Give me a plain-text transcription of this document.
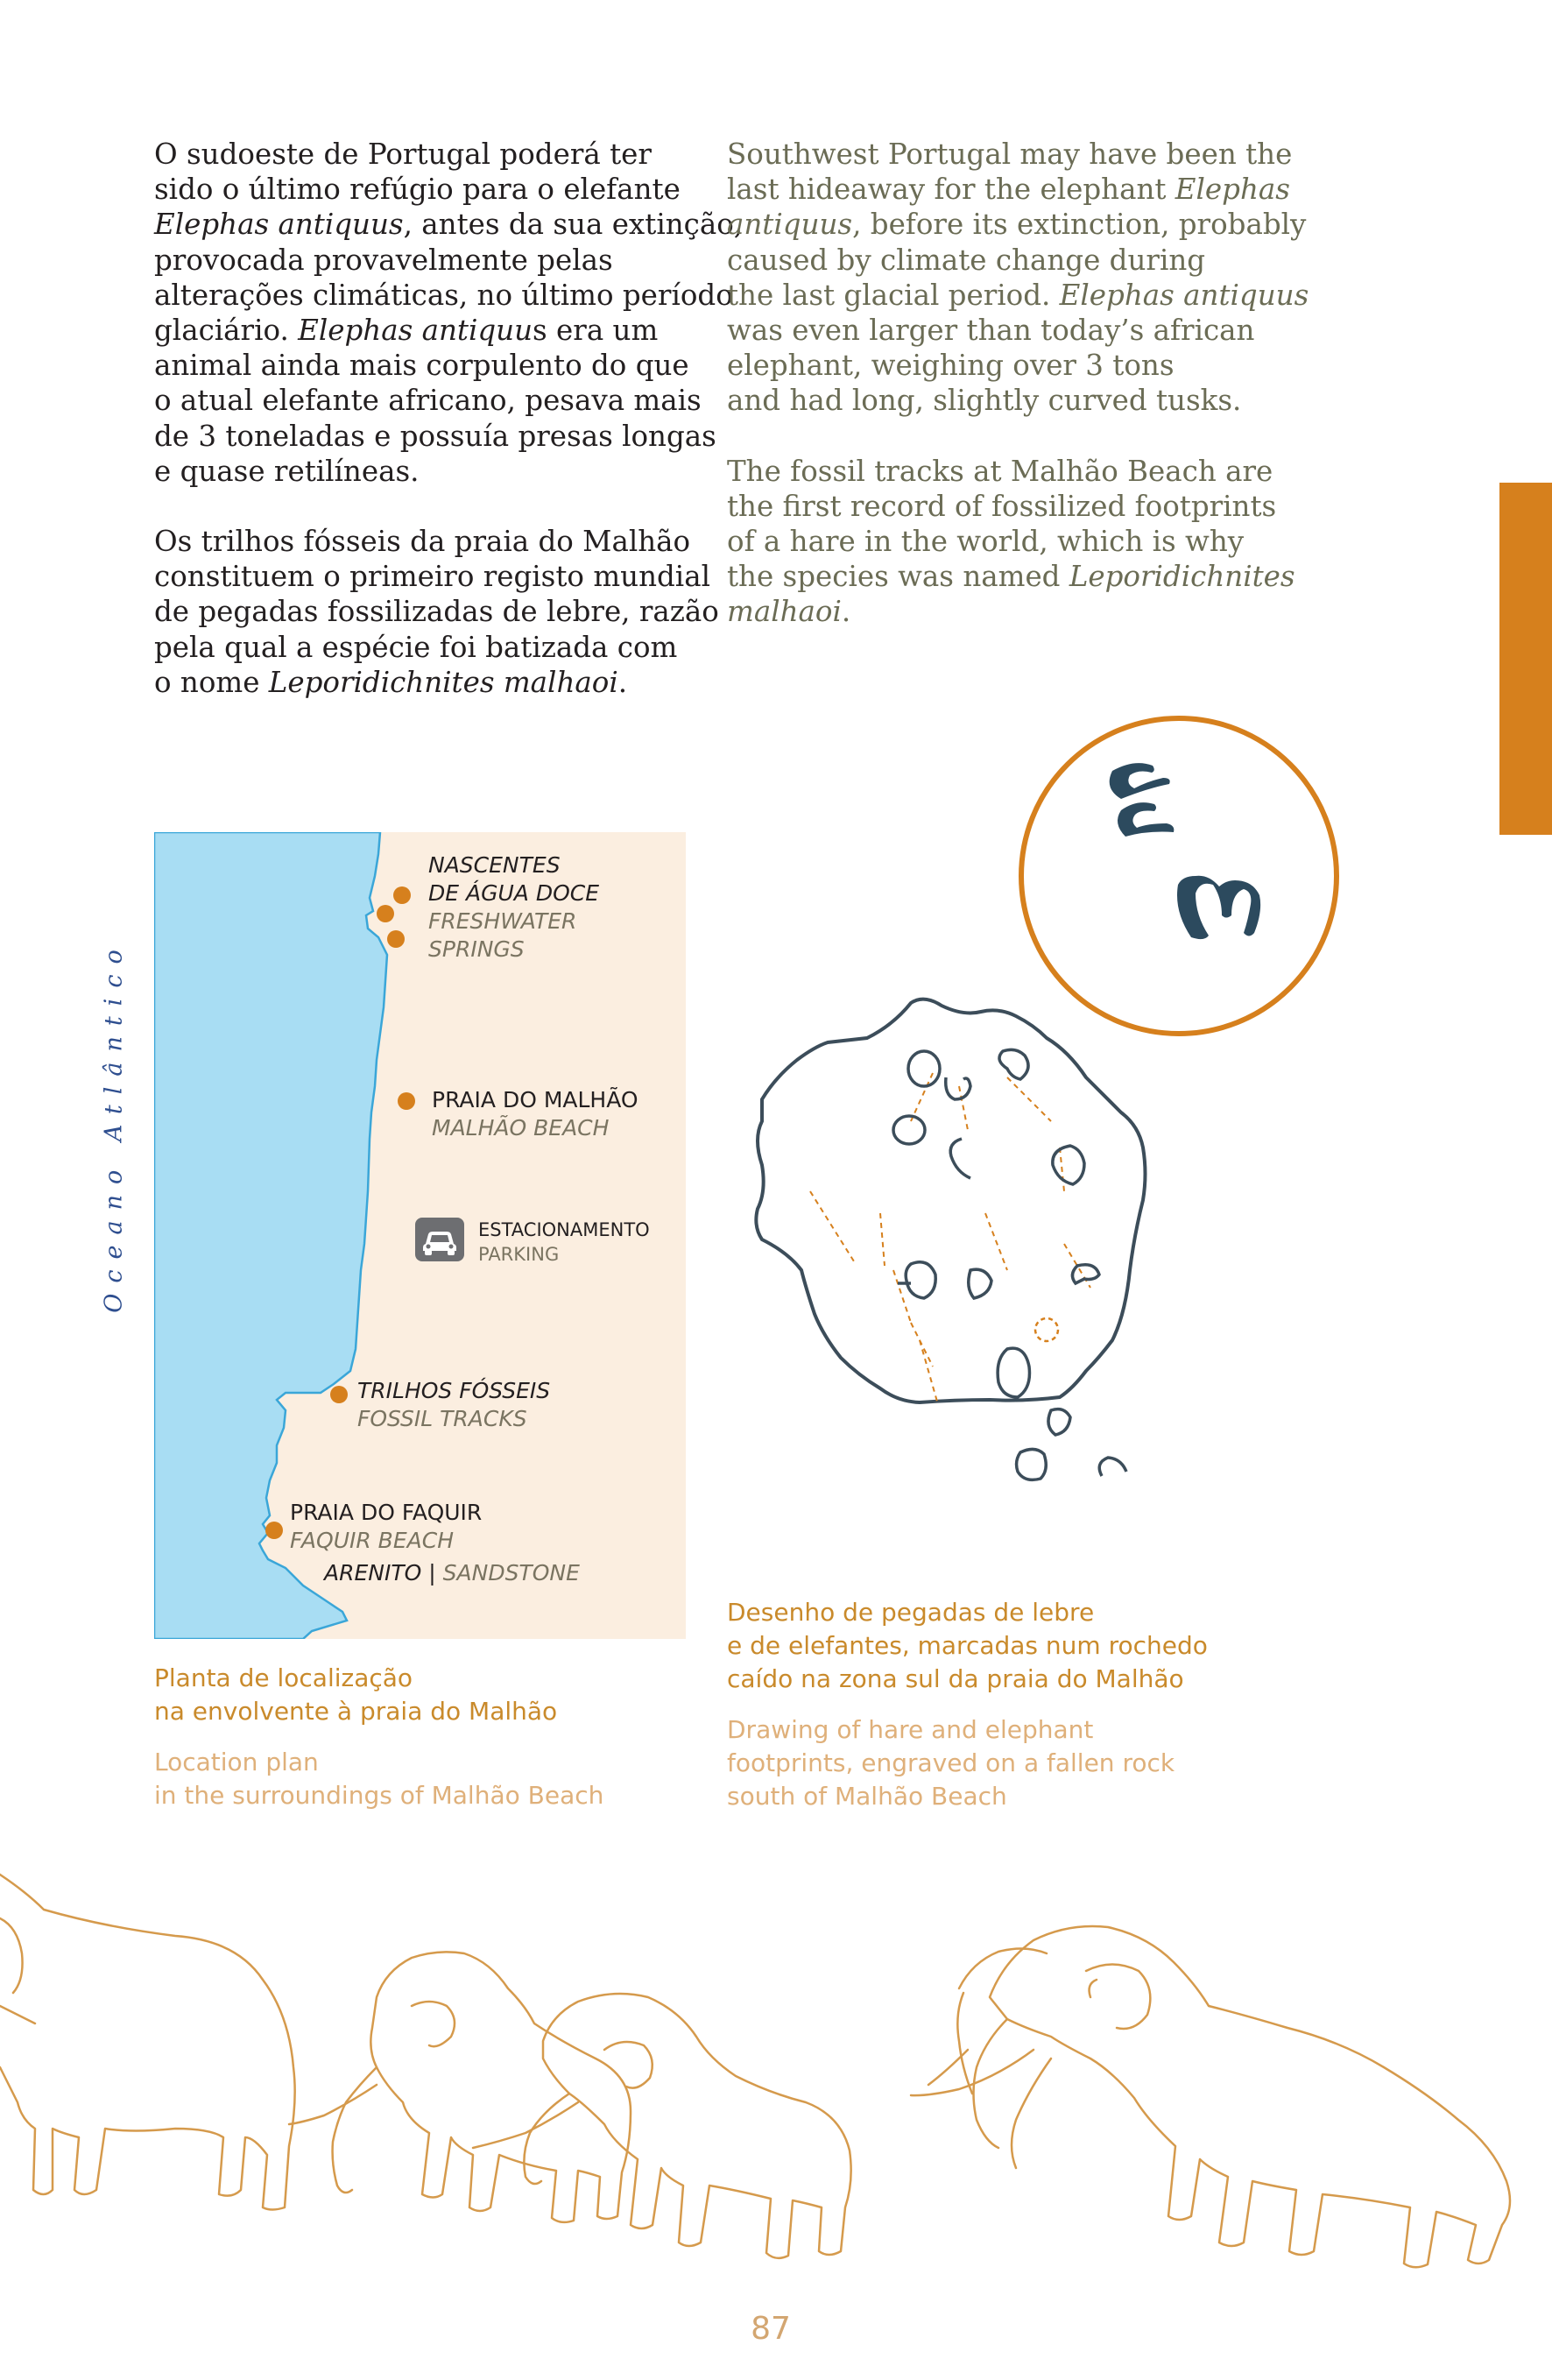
O sudoeste de Portugal poderá ter
sido o último refúgio para o elefante
Elephas antiquus, antes da sua extinção,
provocada provavelmente pelas
alterações climáticas, no último período
glaciário. Elephas antiquus era um
animal ainda mais corpulento do que
o atual elefante africano, pesava mais
de 3 toneladas e possuía presas longas
e quase retilíneas.
Os trilhos fósseis da praia do Malhão
constituem o primeiro registo mundial
de pegadas fossilizadas de lebre, razão
pela qual a espécie foi batizada com
o nome Leporidichnites malhaoi.
Southwest Portugal may have been the
last hideaway for the elephant Elephas
antiquus, before its extinction, probably
caused by climate change during
the last glacial period. Elephas antiquus
was even larger than today’s african
elephant, weighing over 3 tons
and had long, slightly curved tusks.
The fossil tracks at Malhão Beach are
the first record of fossilized footprints
of a hare in the world, which is why
the species was named Leporidichnites
malhaoi.
Oceano Atlântico
NASCENTES
DE ÁGUA DOCE
FRESHWATER
SPRINGS
PRAIA DO MALHÃO
MALHÃO BEACH
ESTACIONAMENTO
PARKING
TRILHOS FÓSSEIS
FOSSIL TRACKS
PRAIA DO FAQUIR
FAQUIR BEACH
ARENITO | SANDSTONE
Planta de localização
na envolvente à praia do Malhão
Location plan
in the surroundings of Malhão Beach
Desenho de pegadas de lebre
e de elefantes, marcadas num rochedo
caído na zona sul da praia do Malhão
Drawing of hare and elephant
footprints, engraved on a fallen rock
south of Malhão Beach
87
